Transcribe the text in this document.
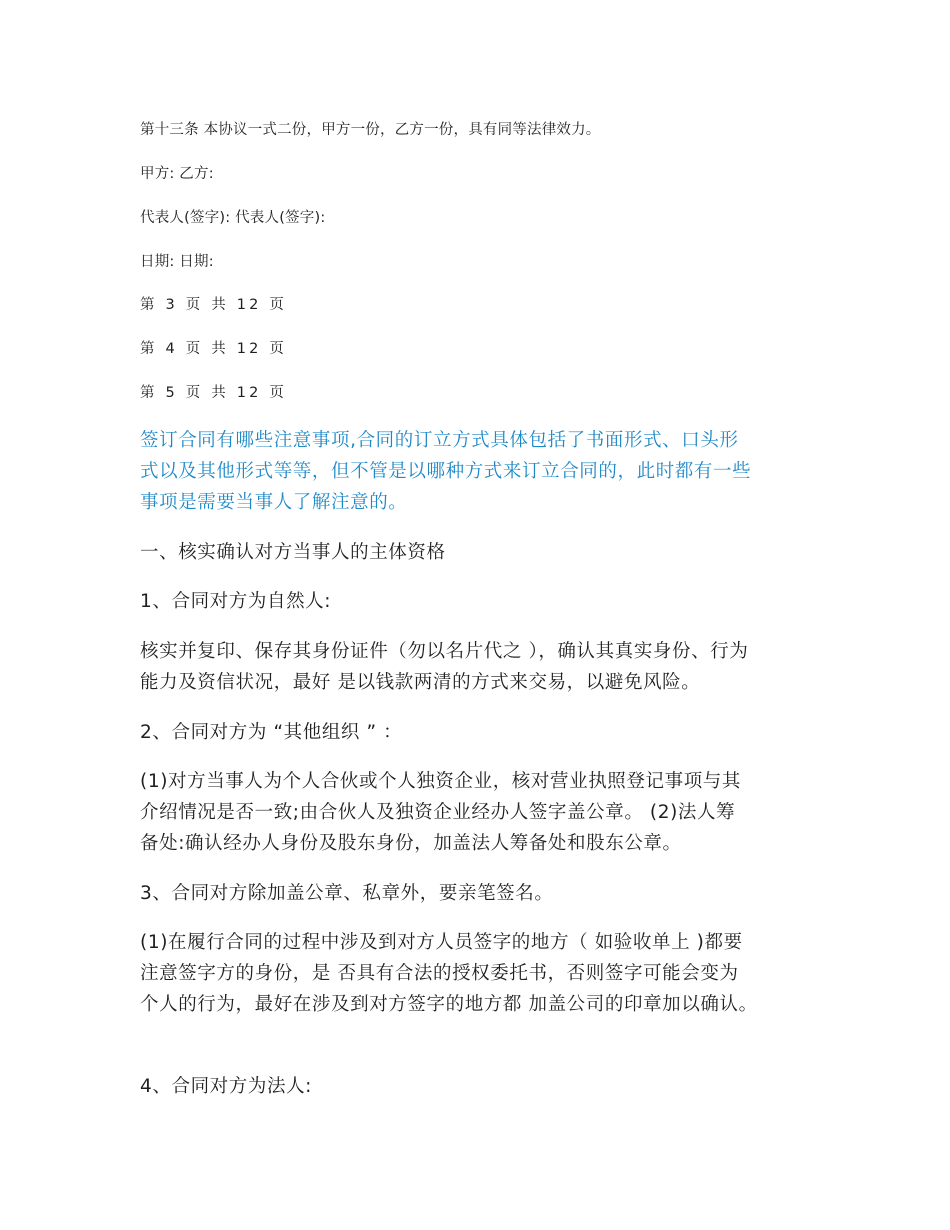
第十三条 本协议一式二份，甲方一份，乙方一份，具有同等法律效力。
甲方: 乙方:
代表人(签字): 代表人(签字):
日期: 日期:
第 3 页 共 12 页
第 4 页 共 12 页
第 5 页 共 12 页
签订合同有哪些注意事项,合同的订立方式具体包括了书面形式、口头形
式以及其他形式等等，但不管是以哪种方式来订立合同的，此时都有一些
事项是需要当事人了解注意的。
一、核实确认对方当事人的主体资格
1、合同对方为自然人:
核实并复印、保存其身份证件（勿以名片代之 ），确认其真实身份、行为
能力及资信状况，最好 是以钱款两清的方式来交易，以避免风险。
2、合同对方为 “其他组织 ” ：
(1)对方当事人为个人合伙或个人独资企业，核对营业执照登记事项与其
介绍情况是否一致;由合伙人及独资企业经办人签字盖公章。 (2)法人筹
备处:确认经办人身份及股东身份，加盖法人筹备处和股东公章。
3、合同对方除加盖公章、私章外，要亲笔签名。
(1)在履行合同的过程中涉及到对方人员签字的地方（ 如验收单上 )都要
注意签字方的身份，是 否具有合法的授权委托书，否则签字可能会变为
个人的行为，最好在涉及到对方签字的地方都 加盖公司的印章加以确认。
4、合同对方为法人:
